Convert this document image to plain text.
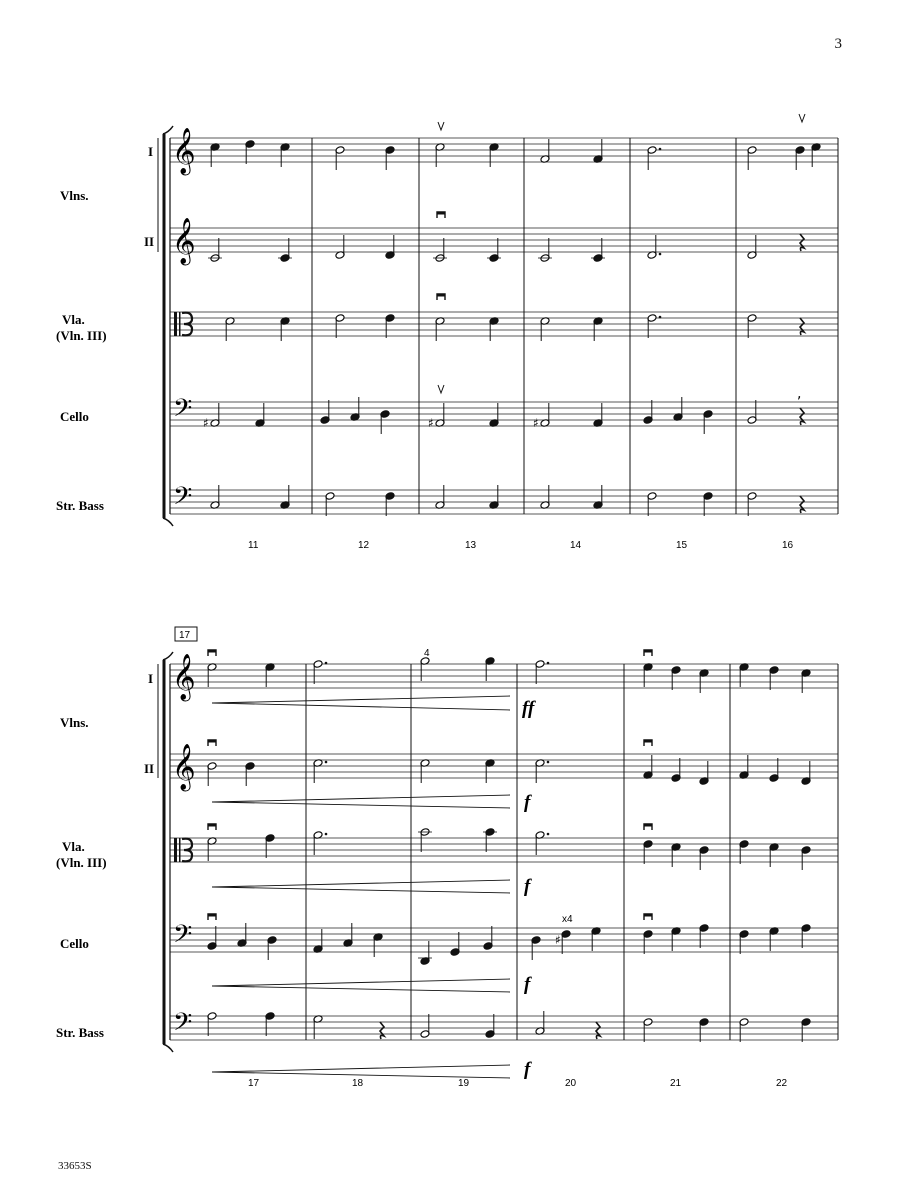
3
33653S
I
Vlns.
II
Vla.
(Vln. III)
Cello
Str. Bass
I
Vlns.
II
Vla.
(Vln. III)
Cello
Str. Bass
𝄞
𝄞
𝄢
𝄢
𝄞
𝄞
𝄢
𝄢
♯	♯	♯
,
♯
11	12	13	14	15	16
17	18	19	20	21	22
17
ff
f
f
f
f
4
x4
